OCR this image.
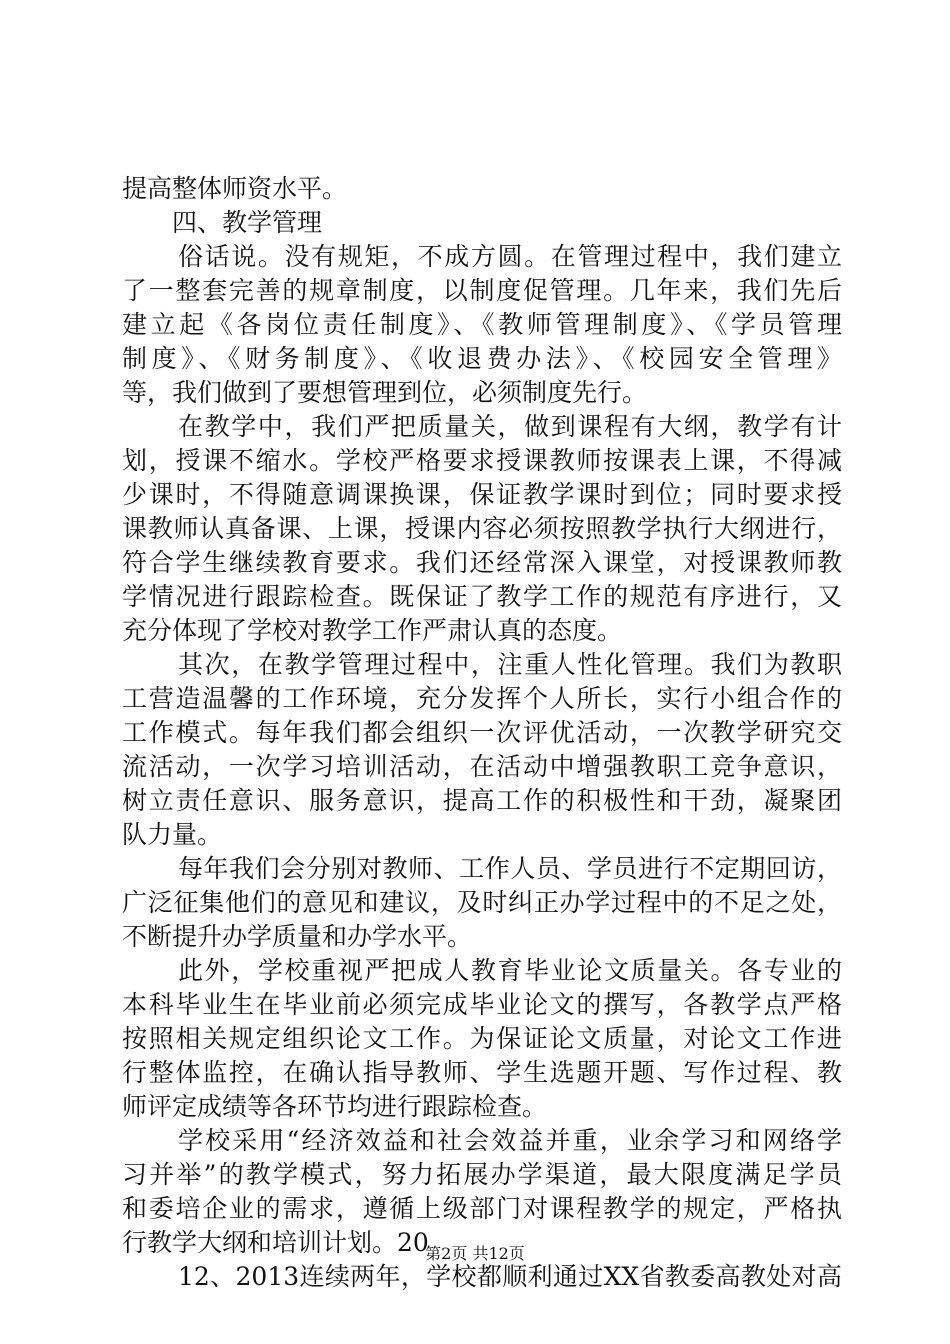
提高整体师资水平。
四、教学管理
俗话说。没有规矩，不成方圆。在管理过程中，我们建立
了一整套完善的规章制度，以制度促管理。几年来，我们先后
建立起《各岗位责任制度》、《教师管理制度》、《学员管理
制度》、《财务制度》、《收退费办法》、《校园安全管理》
等，我们做到了要想管理到位，必须制度先行。
在教学中，我们严把质量关，做到课程有大纲，教学有计
划，授课不缩水。学校严格要求授课教师按课表上课，不得减
少课时，不得随意调课换课，保证教学课时到位；同时要求授
课教师认真备课、上课，授课内容必须按照教学执行大纲进行，
符合学生继续教育要求。我们还经常深入课堂，对授课教师教
学情况进行跟踪检查。既保证了教学工作的规范有序进行，又
充分体现了学校对教学工作严肃认真的态度。
其次，在教学管理过程中，注重人性化管理。我们为教职
工营造温馨的工作环境，充分发挥个人所长，实行小组合作的
工作模式。每年我们都会组织一次评优活动，一次教学研究交
流活动，一次学习培训活动，在活动中增强教职工竞争意识，
树立责任意识、服务意识，提高工作的积极性和干劲，凝聚团
队力量。
每年我们会分别对教师、工作人员、学员进行不定期回访，
广泛征集他们的意见和建议，及时纠正办学过程中的不足之处，
不断提升办学质量和办学水平。
此外，学校重视严把成人教育毕业论文质量关。各专业的
本科毕业生在毕业前必须完成毕业论文的撰写，各教学点严格
按照相关规定组织论文工作。为保证论文质量，对论文工作进
行整体监控，在确认指导教师、学生选题开题、写作过程、教
师评定成绩等各环节均进行跟踪检查。
学校采用“经济效益和社会效益并重，业余学习和网络学
习并举”的教学模式，努力拓展办学渠道，最大限度满足学员
和委培企业的需求，遵循上级部门对课程教学的规定，严格执
行教学大纲和培训计划。20
12、2013连续两年，学校都顺利通过XX省教委高教处对高
第2页 共12页
